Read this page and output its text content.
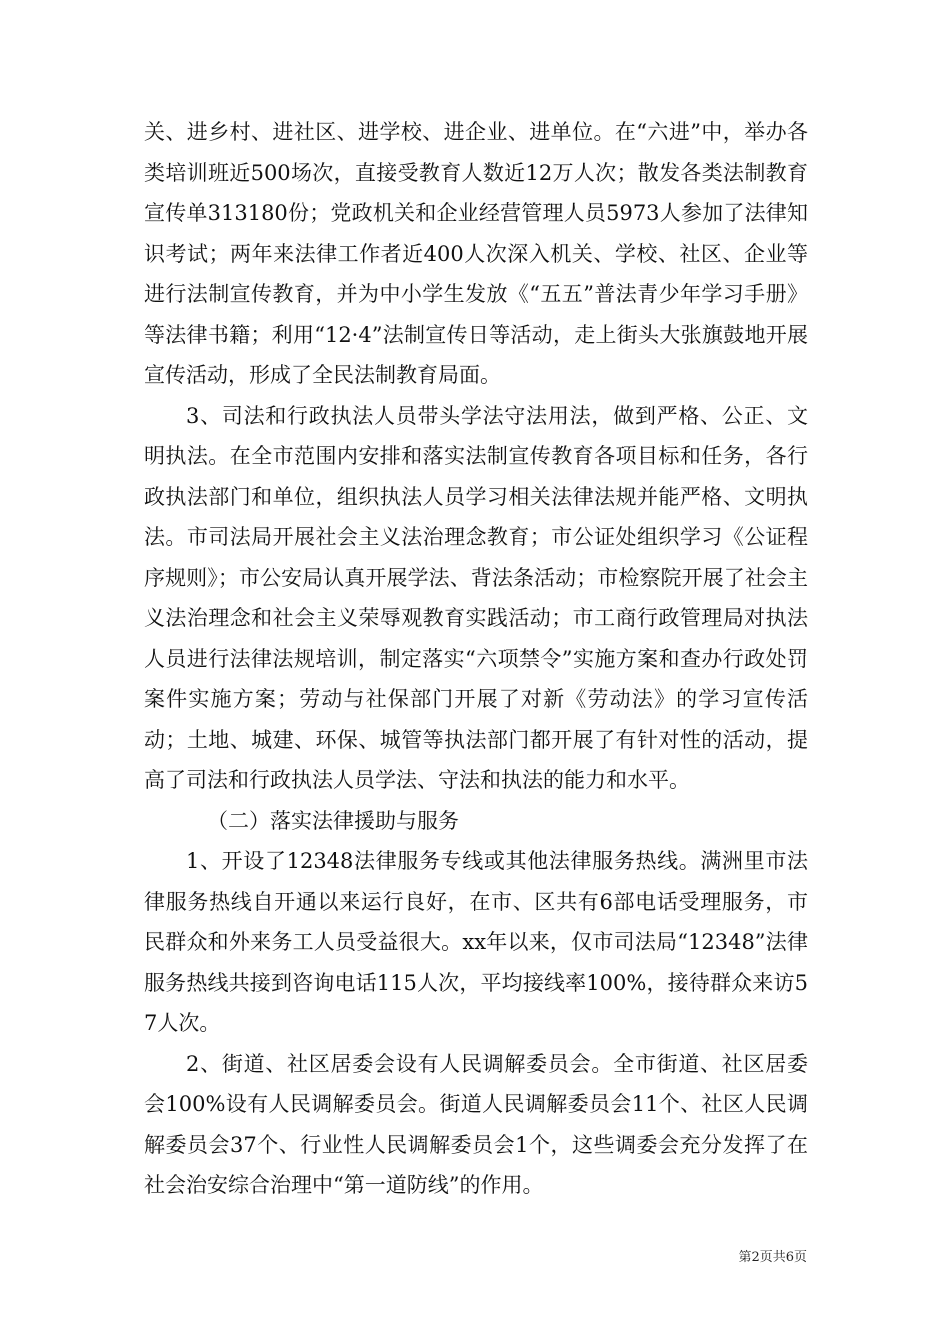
关、进乡村、进社区、进学校、进企业、进单位。在“六进”中，举办各类培训班近500场次，直接受教育人数近12万人次；散发各类法制教育宣传单313180份；党政机关和企业经营管理人员5973人参加了法律知识考试；两年来法律工作者近400人次深入机关、学校、社区、企业等进行法制宣传教育，并为中小学生发放《“五五”普法青少年学习手册》等法律书籍；利用“12·4”法制宣传日等活动，走上街头大张旗鼓地开展宣传活动，形成了全民法制教育局面。

3、司法和行政执法人员带头学法守法用法，做到严格、公正、文明执法。在全市范围内安排和落实法制宣传教育各项目标和任务，各行政执法部门和单位，组织执法人员学习相关法律法规并能严格、文明执法。市司法局开展社会主义法治理念教育；市公证处组织学习《公证程序规则》；市公安局认真开展学法、背法条活动；市检察院开展了社会主义法治理念和社会主义荣辱观教育实践活动；市工商行政管理局对执法人员进行法律法规培训，制定落实“六项禁令”实施方案和查办行政处罚案件实施方案；劳动与社保部门开展了对新《劳动法》的学习宣传活动；土地、城建、环保、城管等执法部门都开展了有针对性的活动，提高了司法和行政执法人员学法、守法和执法的能力和水平。

（二）落实法律援助与服务

1、开设了12348法律服务专线或其他法律服务热线。满洲里市法律服务热线自开通以来运行良好，在市、区共有6部电话受理服务，市民群众和外来务工人员受益很大。xx年以来，仅市司法局“12348”法律服务热线共接到咨询电话115人次，平均接线率100%，接待群众来访57人次。

2、街道、社区居委会设有人民调解委员会。全市街道、社区居委会100%设有人民调解委员会。街道人民调解委员会11个、社区人民调解委员会37个、行业性人民调解委员会1个，这些调委会充分发挥了在社会治安综合治理中“第一道防线”的作用。

第2页共6页
